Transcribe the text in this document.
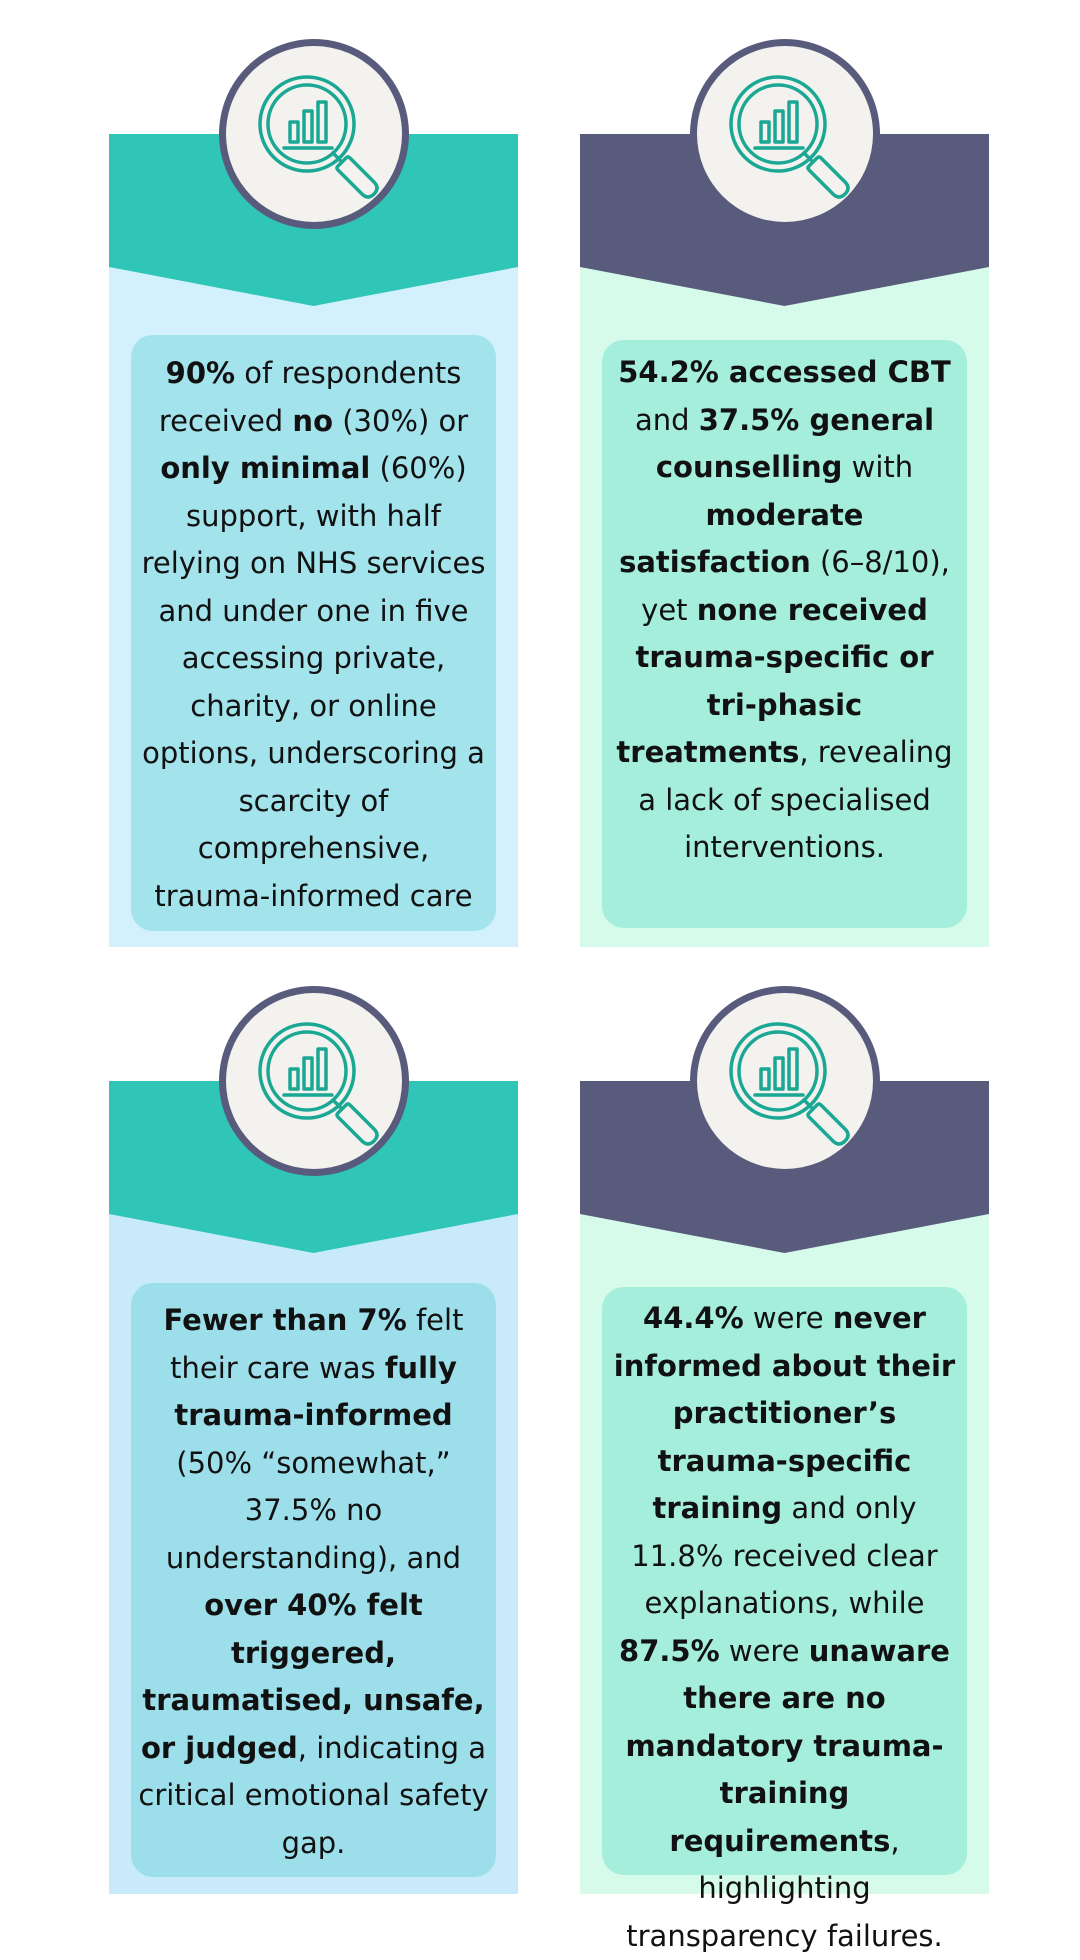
90% of respondents received no (30%) or only minimal (60%) support, with half relying on NHS services and under one in five accessing private, charity, or online options, underscoring a scarcity of comprehensive, trauma-informed care
54.2% accessed CBT and 37.5% general counselling with moderate satisfaction (6–8/10), yet none received trauma-specific or tri-phasic treatments, revealing a lack of specialised interventions.
Fewer than 7% felt their care was fully trauma-informed (50% “somewhat,” 37.5% no understanding), and over 40% felt triggered, traumatised, unsafe, or judged, indicating a critical emotional safety gap.
44.4% were never informed about their practitioner’s trauma-specific training and only 11.8% received clear explanations, while 87.5% were unaware there are no mandatory trauma-training requirements, highlighting transparency failures.
